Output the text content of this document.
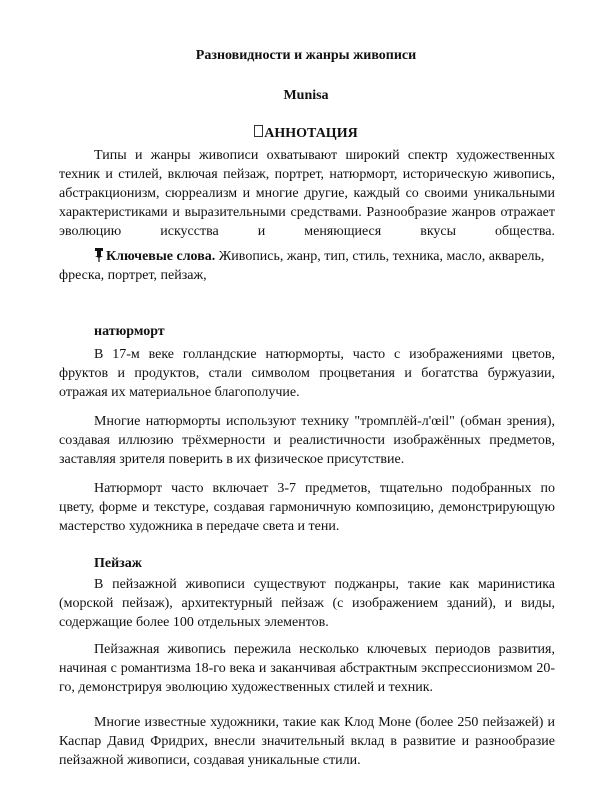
Разновидности и жанры живописи
Munisa
АННОТАЦИЯ

Типы и жанры живописи охватывают широкий спектр художественных техник и стилей, включая пейзаж, портрет, натюрморт, историческую живопись, абстракционизм, сюрреализм и многие другие, каждый со своими уникальными характеристиками и выразительными средствами. Разнообразие жанров отражает эволюцию искусства и меняющиеся вкусы общества.

Ключевые слова. Живопись, жанр, тип, стиль, техника, масло, акварель, фреска, портрет, пейзаж,

натюрморт

В 17-м веке голландские натюрморты, часто с изображениями цветов, фруктов и продуктов, стали символом процветания и богатства буржуазии, отражая их материальное благополучие.

Многие натюрморты используют технику "тромплёй-л'œil" (обман зрения), создавая иллюзию трёхмерности и реалистичности изображённых предметов, заставляя зрителя поверить в их физическое присутствие.

Натюрморт часто включает 3-7 предметов, тщательно подобранных по цвету, форме и текстуре, создавая гармоничную композицию, демонстрирующую мастерство художника в передаче света и тени.

Пейзаж

В пейзажной живописи существуют поджанры, такие как маринистика (морской пейзаж), архитектурный пейзаж (с изображением зданий), и виды, содержащие более 100 отдельных элементов.

Пейзажная живопись пережила несколько ключевых периодов развития, начиная с романтизма 18-го века и заканчивая абстрактным экспрессионизмом 20-го, демонстрируя эволюцию художественных стилей и техник.

Многие известные художники, такие как Клод Моне (более 250 пейзажей) и Каспар Давид Фридрих, внесли значительный вклад в развитие и разнообразие пейзажной живописи, создавая уникальные стили.
